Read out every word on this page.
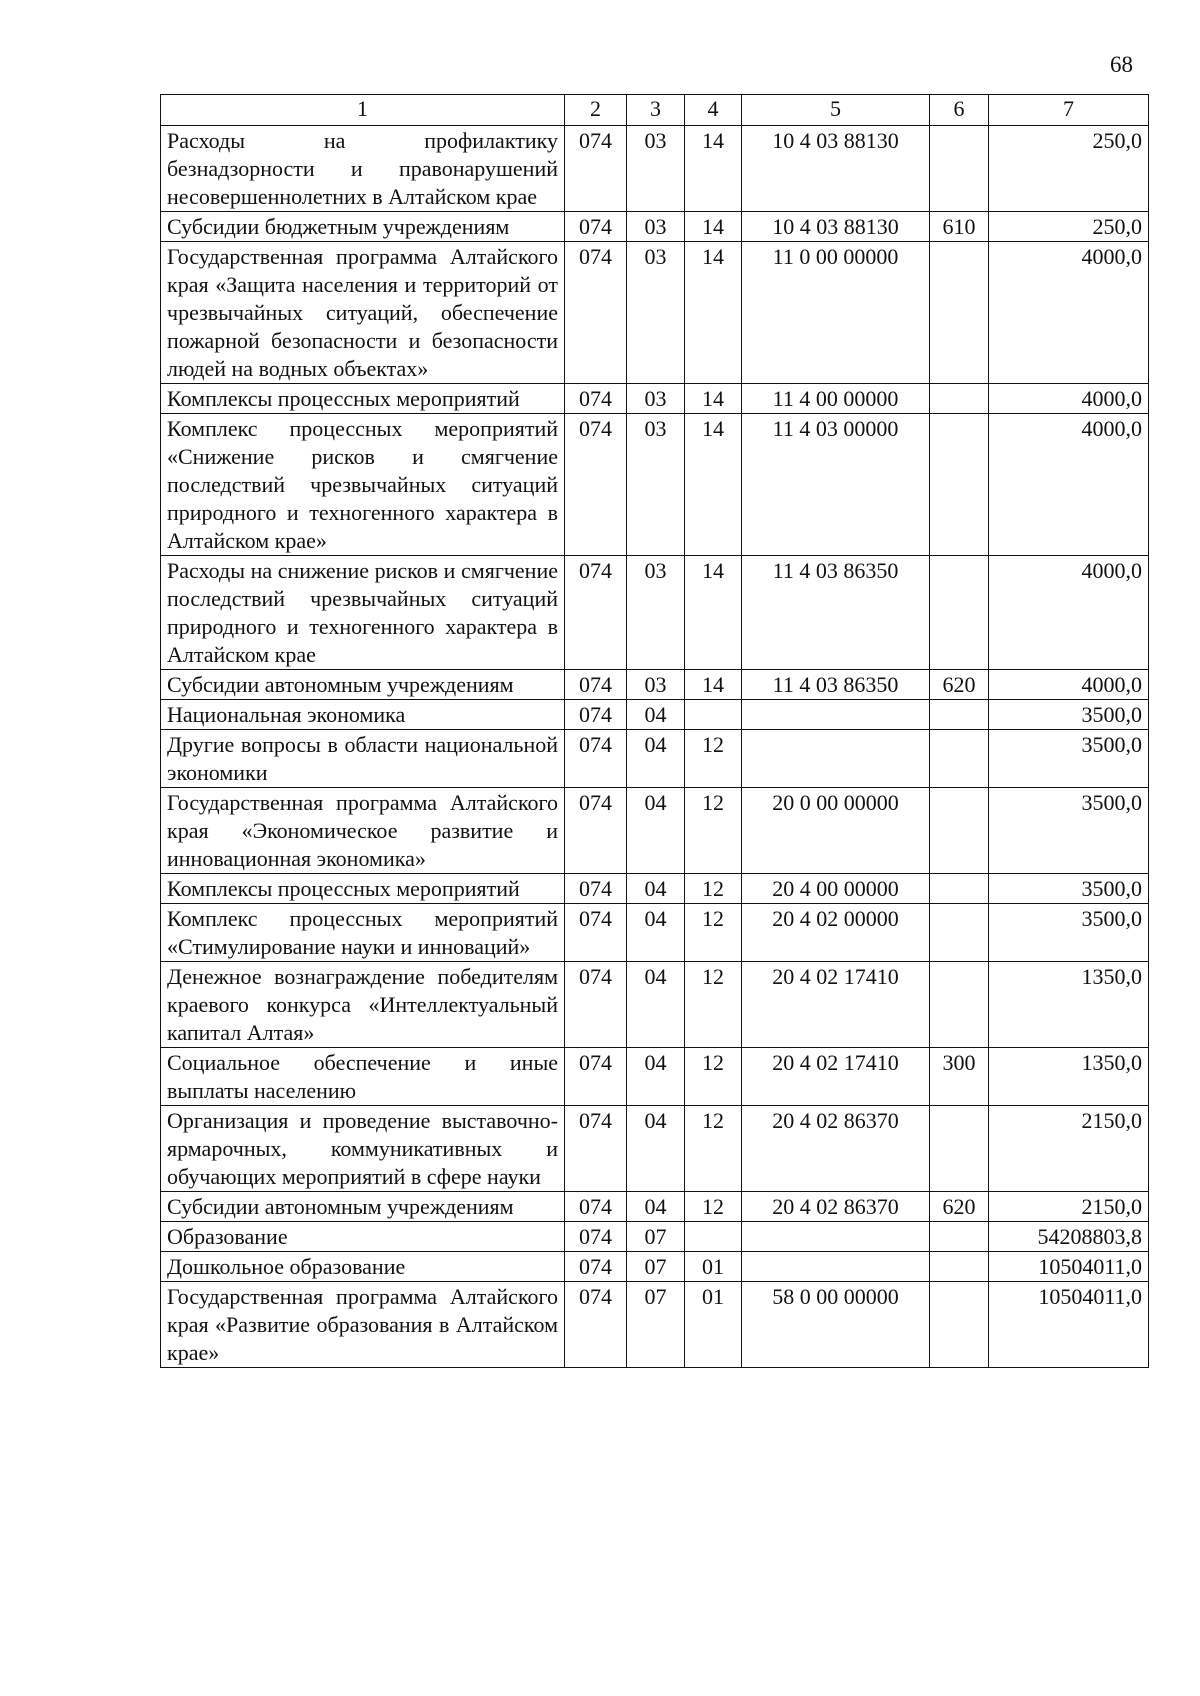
68
1	2	3	4	5	6	7
Расходы на профилактику безнадзорности и правонарушений несовершеннолетних в Алтайском крае	074	03	14	10 4 03 88130		250,0
Субсидии бюджетным учреждениям	074	03	14	10 4 03 88130	610	250,0
Государственная программа Алтайского края «Защита населения и территорий от чрезвычайных ситуаций, обеспечение пожарной безопасности и безопасности людей на водных объектах»	074	03	14	11 0 00 00000		4000,0
Комплексы процессных мероприятий	074	03	14	11 4 00 00000		4000,0
Комплекс процессных мероприятий «Снижение рисков и смягчение последствий чрезвычайных ситуаций природного и техногенного характера в Алтайском крае»	074	03	14	11 4 03 00000		4000,0
Расходы на снижение рисков и смягчение последствий чрезвычайных ситуаций природного и техногенного характера в Алтайском крае	074	03	14	11 4 03 86350		4000,0
Субсидии автономным учреждениям	074	03	14	11 4 03 86350	620	4000,0
Национальная экономика	074	04				3500,0
Другие вопросы в области национальной экономики	074	04	12			3500,0
Государственная программа Алтайского края «Экономическое развитие и инновационная экономика»	074	04	12	20 0 00 00000		3500,0
Комплексы процессных мероприятий	074	04	12	20 4 00 00000		3500,0
Комплекс процессных мероприятий «Стимулирование науки и инноваций»	074	04	12	20 4 02 00000		3500,0
Денежное вознаграждение победителям краевого конкурса «Интеллектуальный капитал Алтая»	074	04	12	20 4 02 17410		1350,0
Социальное обеспечение и иные выплаты населению	074	04	12	20 4 02 17410	300	1350,0
Организация и проведение выставочно-ярмарочных, коммуникативных и обучающих мероприятий в сфере науки	074	04	12	20 4 02 86370		2150,0
Субсидии автономным учреждениям	074	04	12	20 4 02 86370	620	2150,0
Образование	074	07				54208803,8
Дошкольное образование	074	07	01			10504011,0
Государственная программа Алтайского края «Развитие образования в Алтайском крае»	074	07	01	58 0 00 00000		10504011,0
